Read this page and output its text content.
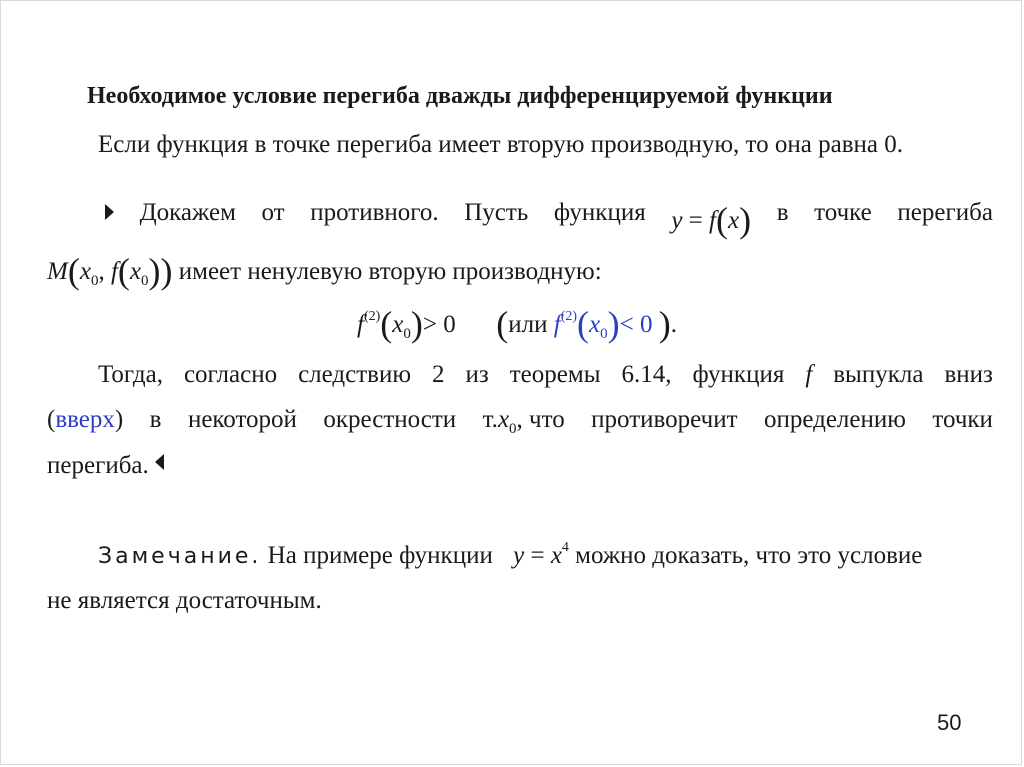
Необходимое условие перегиба дважды дифференцируемой функции
Если функция в точке перегиба имеет вторую производную, то она равна 0.
Докажем от противного. Пусть функция y = f(x) в точке перегиба
$M(x_0$, $f(x_0)$) имеет ненулевую вторую производную:
$f^{(2)}(x_0)> 0$ (или $f^{(2)}(x_0)< 0$ ).
Тогда, согласно следствию 2 из теоремы 6.14, функция f выпукла вниз
(вверх) в некоторой окрестности $т.x_0$, что противоречит определению точки
перегиба.
Замечание. На примере функции $y = x^4$ можно доказать, что это условие
не является достаточным.
50
